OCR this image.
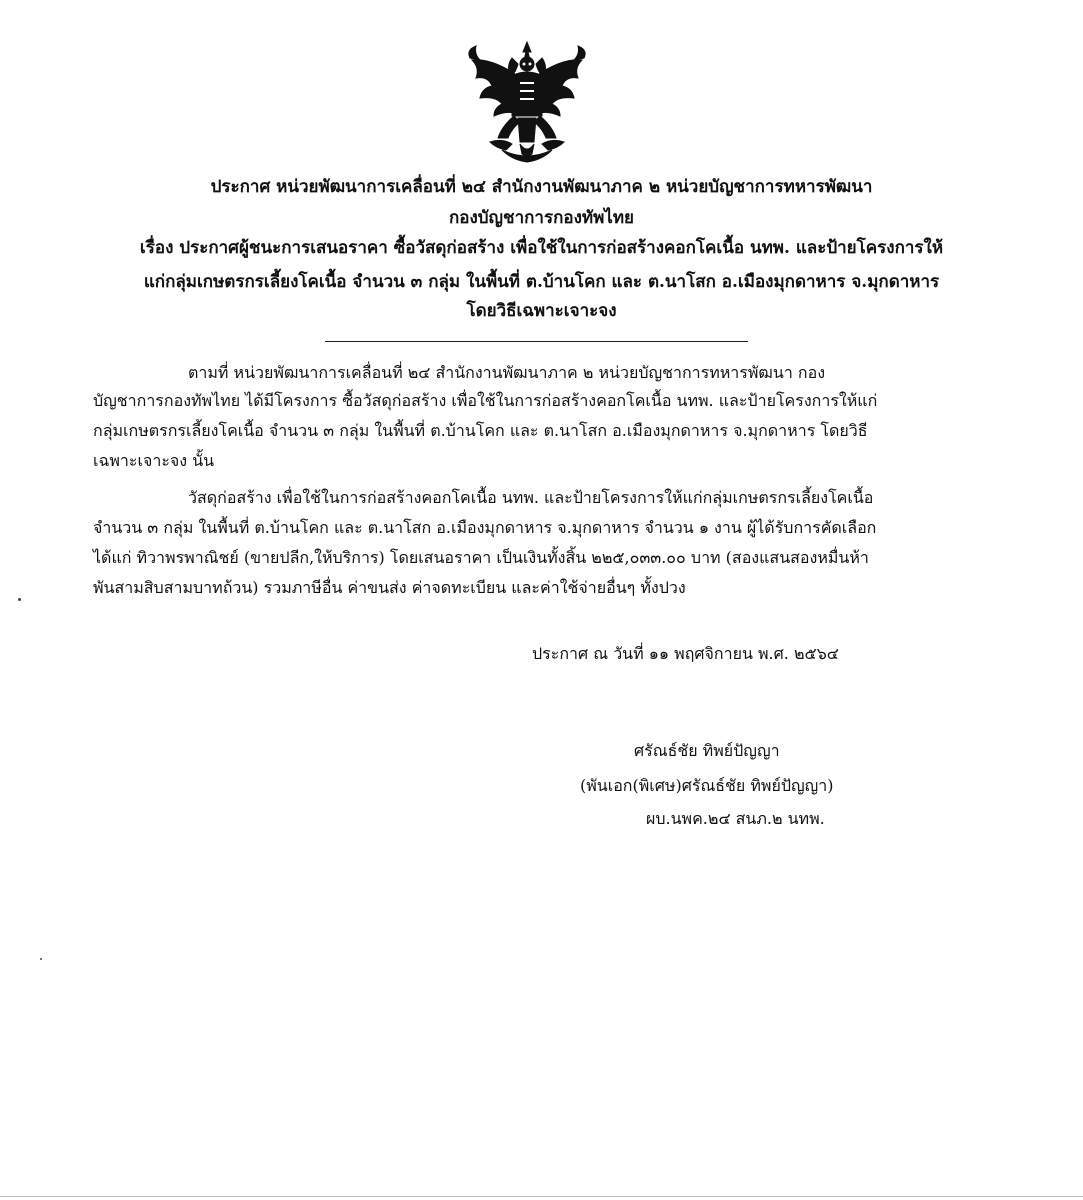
ประกาศ หน่วยพัฒนาการเคลื่อนที่ ๒๔ สำนักงานพัฒนาภาค ๒ หน่วยบัญชาการทหารพัฒนา
กองบัญชาการกองทัพไทย
เรื่อง ประกาศผู้ชนะการเสนอราคา ซื้อวัสดุก่อสร้าง เพื่อใช้ในการก่อสร้างคอกโคเนื้อ นทพ. และป้ายโครงการให้
แก่กลุ่มเกษตรกรเลี้ยงโคเนื้อ จำนวน ๓ กลุ่ม ในพื้นที่ ต.บ้านโคก และ ต.นาโสก อ.เมืองมุกดาหาร จ.มุกดาหาร
โดยวิธีเฉพาะเจาะจง
ตามที่ หน่วยพัฒนาการเคลื่อนที่ ๒๔ สำนักงานพัฒนาภาค ๒ หน่วยบัญชาการทหารพัฒนา กอง
บัญชาการกองทัพไทย ได้มีโครงการ ซื้อวัสดุก่อสร้าง เพื่อใช้ในการก่อสร้างคอกโคเนื้อ นทพ. และป้ายโครงการให้แก่
กลุ่มเกษตรกรเลี้ยงโคเนื้อ จำนวน ๓ กลุ่ม ในพื้นที่ ต.บ้านโคก และ ต.นาโสก อ.เมืองมุกดาหาร จ.มุกดาหาร โดยวิธี
เฉพาะเจาะจง นั้น
วัสดุก่อสร้าง เพื่อใช้ในการก่อสร้างคอกโคเนื้อ นทพ. และป้ายโครงการให้แก่กลุ่มเกษตรกรเลี้ยงโคเนื้อ
จำนวน ๓ กลุ่ม ในพื้นที่ ต.บ้านโคก และ ต.นาโสก อ.เมืองมุกดาหาร จ.มุกดาหาร จำนวน ๑ งาน ผู้ได้รับการคัดเลือก
ได้แก่ ทิวาพรพาณิชย์ (ขายปลีก,ให้บริการ) โดยเสนอราคา เป็นเงินทั้งสิ้น ๒๒๕,๐๓๓.๐๐ บาท (สองแสนสองหมื่นห้า
พันสามสิบสามบาทถ้วน) รวมภาษีอื่น ค่าขนส่ง ค่าจดทะเบียน และค่าใช้จ่ายอื่นๆ ทั้งปวง
ประกาศ ณ วันที่ ๑๑ พฤศจิกายน พ.ศ. ๒๕๖๔
ศรัณธ์ชัย ทิพย์ปัญญา
(พันเอก(พิเศษ)ศรัณธ์ชัย ทิพย์ปัญญา)
ผบ.นพค.๒๔ สนภ.๒ นทพ.
